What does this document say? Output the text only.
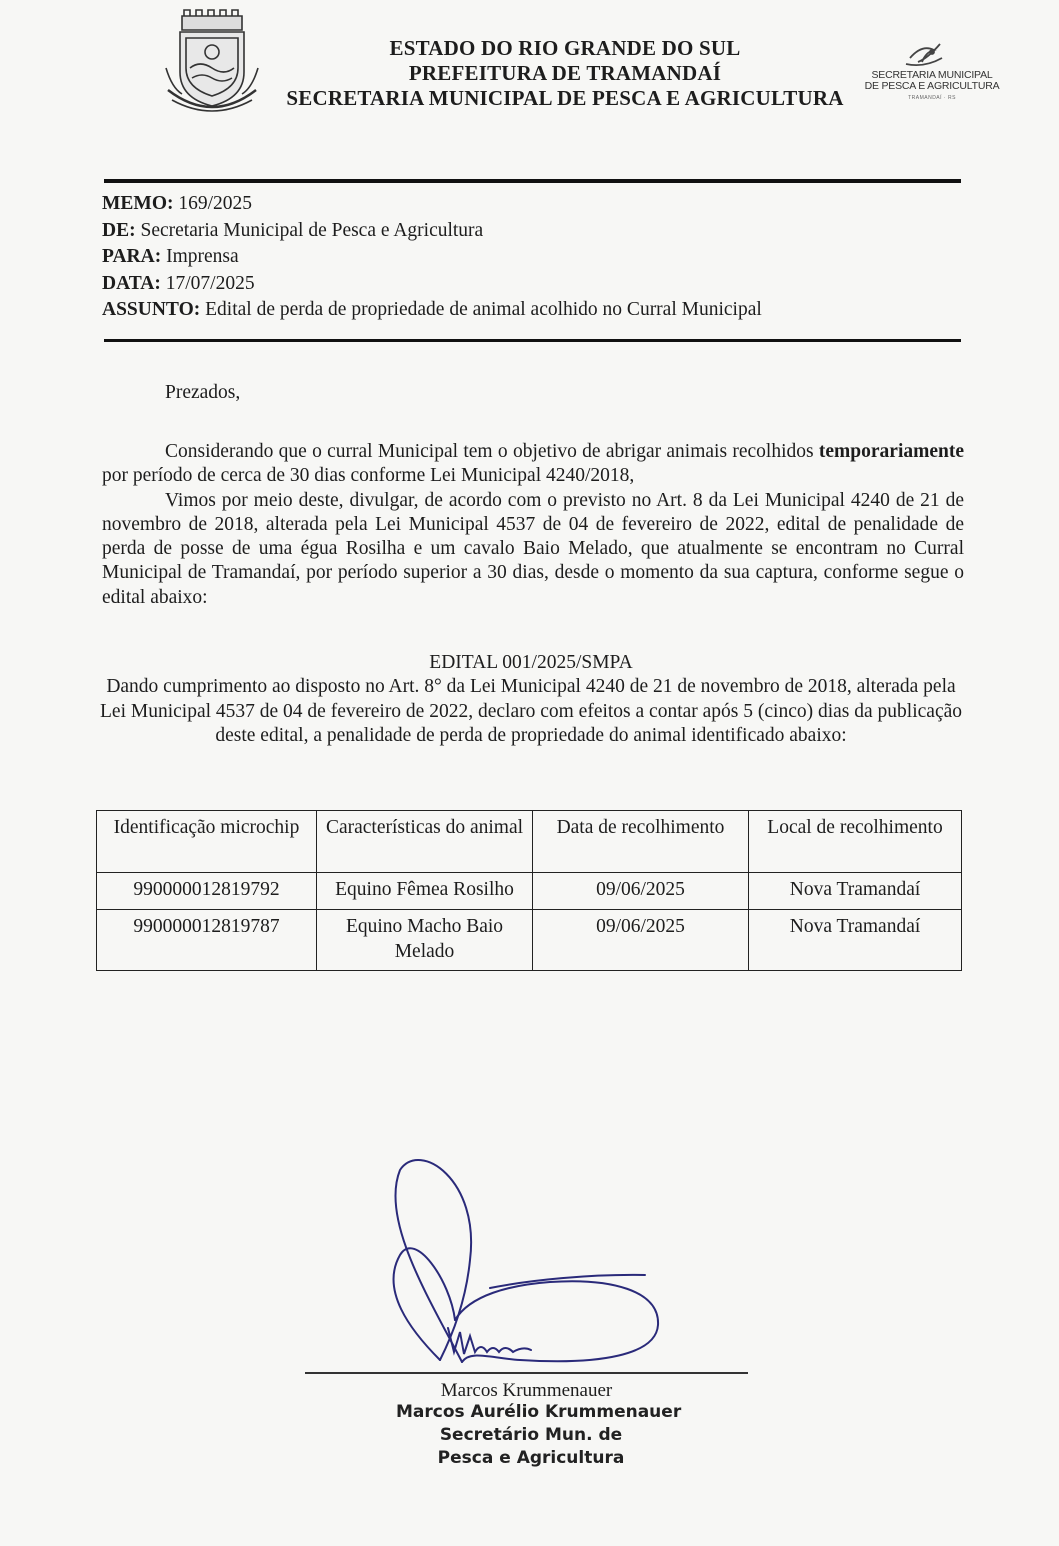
ESTADO DO RIO GRANDE DO SUL
PREFEITURA DE TRAMANDAÍ
SECRETARIA MUNICIPAL DE PESCA E AGRICULTURA
SECRETARIA MUNICIPAL
DE PESCA E AGRICULTURA
TRAMANDAÍ · RS
MEMO: 169/2025
DE: Secretaria Municipal de Pesca e Agricultura
PARA: Imprensa
DATA: 17/07/2025
ASSUNTO: Edital de perda de propriedade de animal acolhido no Curral Municipal
Prezados,

Considerando que o curral Municipal tem o objetivo de abrigar animais recolhidos temporariamente por período de cerca de 30 dias conforme Lei Municipal 4240/2018,

Vimos por meio deste, divulgar, de acordo com o previsto no Art. 8 da Lei Municipal 4240 de 21 de novembro de 2018, alterada pela Lei Municipal 4537 de 04 de fevereiro de 2022, edital de penalidade de perda de posse de uma égua Rosilha e um cavalo Baio Melado, que atualmente se encontram no Curral Municipal de Tramandaí, por período superior a 30 dias, desde o momento da sua captura, conforme segue o edital abaixo:

EDITAL 001/2025/SMPA
Dando cumprimento ao disposto no Art. 8° da Lei Municipal 4240 de 21 de novembro de 2018, alterada pela Lei Municipal 4537 de 04 de fevereiro de 2022, declaro com efeitos a contar após 5 (cinco) dias da publicação deste edital, a penalidade de perda de propriedade do animal identificado abaixo:
Identificação microchip	Características do animal	Data de recolhimento	Local de recolhimento
990000012819792	Equino Fêmea Rosilho	09/06/2025	Nova Tramandaí
990000012819787	Equino Macho Baio Melado	09/06/2025	Nova Tramandaí
Marcos Krummenauer
Marcos Aurélio Krummenauer
Secretário Mun. de
Pesca e Agricultura
